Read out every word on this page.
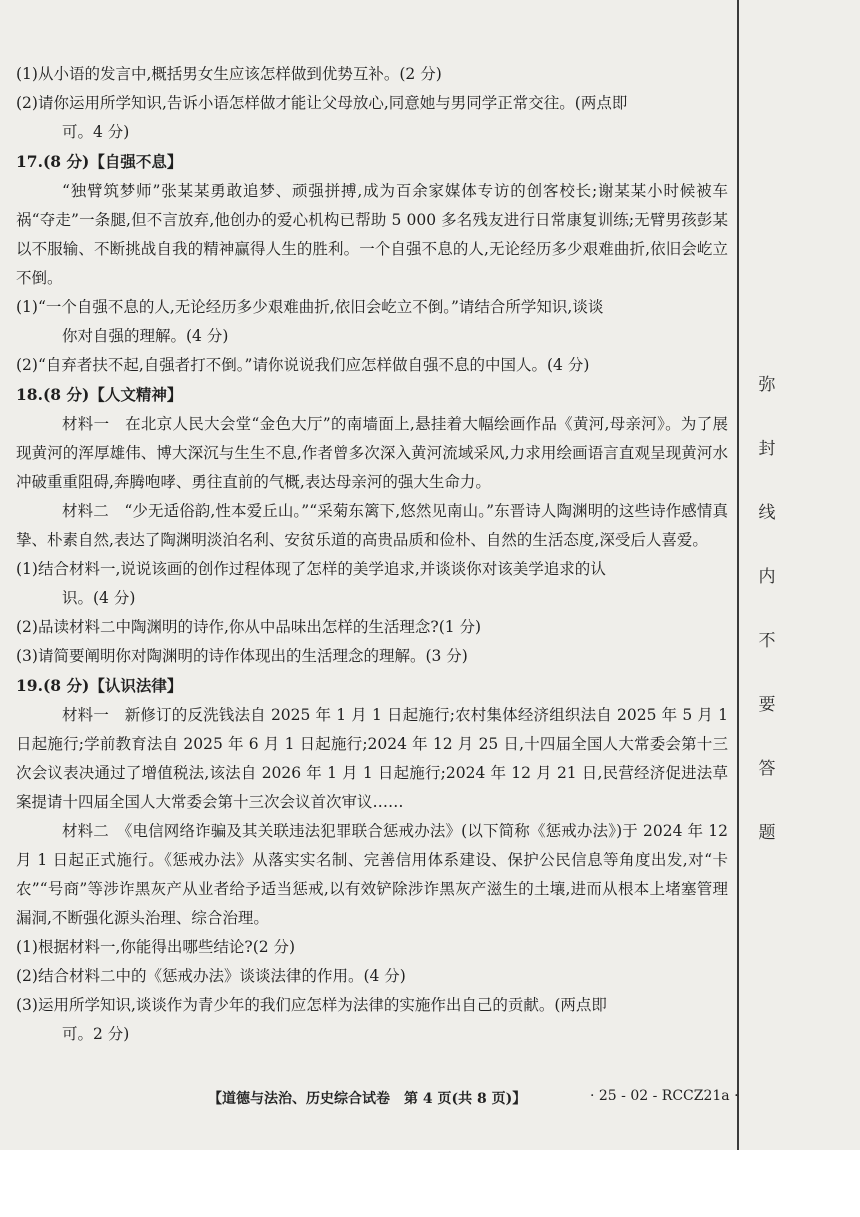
(1)从小语的发言中,概括男女生应该怎样做到优势互补。(2 分)
(2)请你运用所学知识,告诉小语怎样做才能让父母放心,同意她与男同学正常交往。(两点即
可。4 分)
17.(8 分)【自强不息】
“独臂筑梦师”张某某勇敢追梦、顽强拼搏,成为百余家媒体专访的创客校长;谢某某小时候被车祸“夺走”一条腿,但不言放弃,他创办的爱心机构已帮助 5 000 多名残友进行日常康复训练;无臂男孩彭某以不服输、不断挑战自我的精神赢得人生的胜利。一个自强不息的人,无论经历多少艰难曲折,依旧会屹立不倒。
(1)“一个自强不息的人,无论经历多少艰难曲折,依旧会屹立不倒。”请结合所学知识,谈谈
你对自强的理解。(4 分)
(2)“自弃者扶不起,自强者打不倒。”请你说说我们应怎样做自强不息的中国人。(4 分)
18.(8 分)【人文精神】
材料一　在北京人民大会堂“金色大厅”的南墙面上,悬挂着大幅绘画作品《黄河,母亲河》。为了展现黄河的浑厚雄伟、博大深沉与生生不息,作者曾多次深入黄河流域采风,力求用绘画语言直观呈现黄河水冲破重重阻碍,奔腾咆哮、勇往直前的气概,表达母亲河的强大生命力。
材料二　“少无适俗韵,性本爱丘山。”“采菊东篱下,悠然见南山。”东晋诗人陶渊明的这些诗作感情真挚、朴素自然,表达了陶渊明淡泊名利、安贫乐道的高贵品质和俭朴、自然的生活态度,深受后人喜爱。
(1)结合材料一,说说该画的创作过程体现了怎样的美学追求,并谈谈你对该美学追求的认
识。(4 分)
(2)品读材料二中陶渊明的诗作,你从中品味出怎样的生活理念?(1 分)
(3)请简要阐明你对陶渊明的诗作体现出的生活理念的理解。(3 分)
19.(8 分)【认识法律】
材料一　新修订的反洗钱法自 2025 年 1 月 1 日起施行;农村集体经济组织法自 2025 年 5 月 1 日起施行;学前教育法自 2025 年 6 月 1 日起施行;2024 年 12 月 25 日,十四届全国人大常委会第十三次会议表决通过了增值税法,该法自 2026 年 1 月 1 日起施行;2024 年 12 月 21 日,民营经济促进法草案提请十四届全国人大常委会第十三次会议首次审议……
材料二　《电信网络诈骗及其关联违法犯罪联合惩戒办法》(以下简称《惩戒办法》)于 2024 年 12 月 1 日起正式施行。《惩戒办法》从落实实名制、完善信用体系建设、保护公民信息等角度出发,对“卡农”“号商”等涉诈黑灰产从业者给予适当惩戒,以有效铲除涉诈黑灰产滋生的土壤,进而从根本上堵塞管理漏洞,不断强化源头治理、综合治理。
(1)根据材料一,你能得出哪些结论?(2 分)
(2)结合材料二中的《惩戒办法》谈谈法律的作用。(4 分)
(3)运用所学知识,谈谈作为青少年的我们应怎样为法律的实施作出自己的贡献。(两点即
可。2 分)
弥
封
线
内
不
要
答
题
【道德与法治、历史综合试卷　第 4 页(共 8 页)】	· 25 - 02 - RCCZ21a ·
